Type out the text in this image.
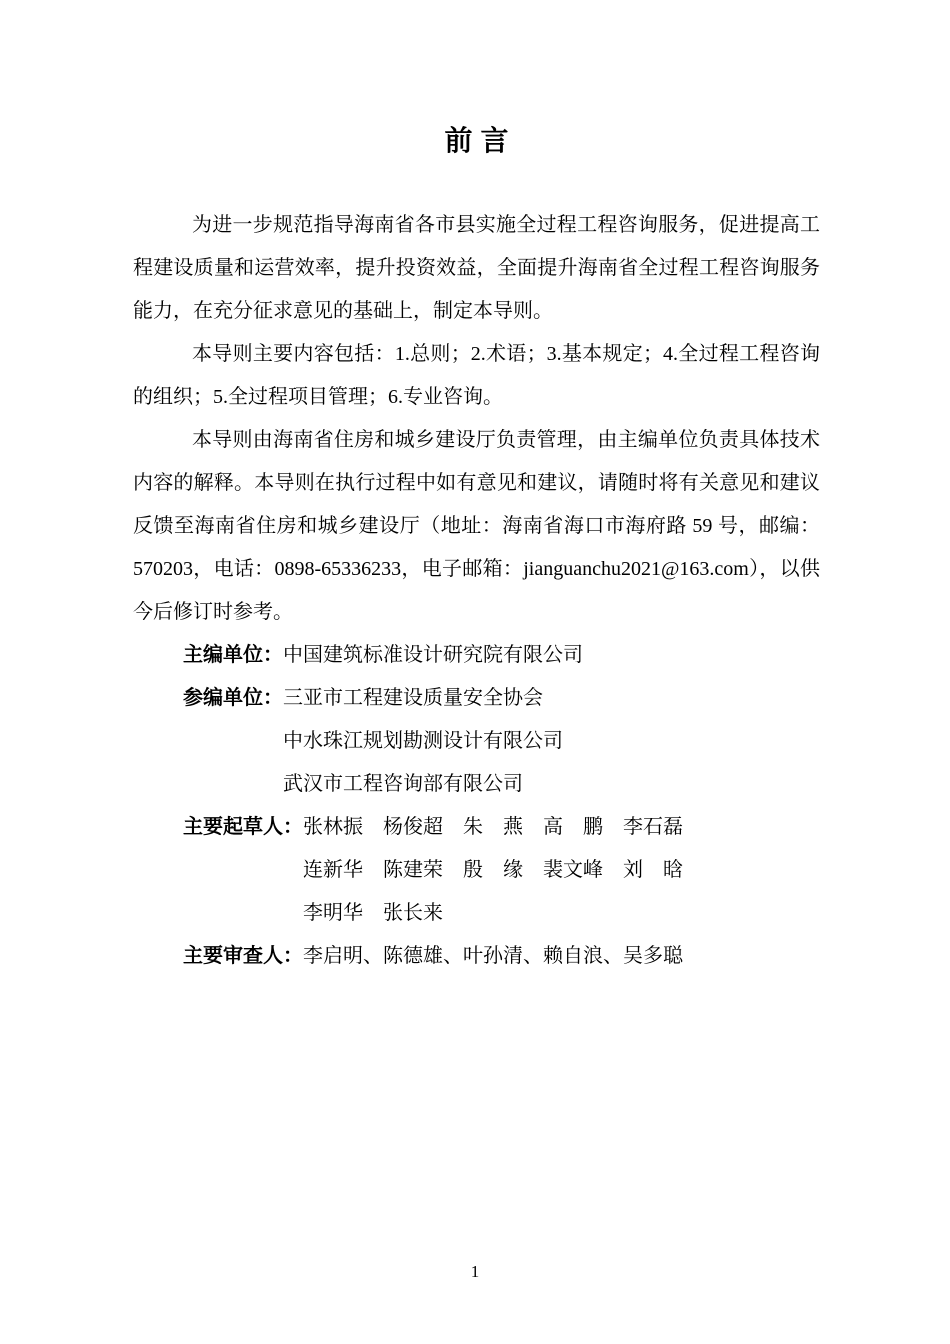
前言

为进一步规范指导海南省各市县实施全过程工程咨询服务，促进提高工程建设质量和运营效率，提升投资效益，全面提升海南省全过程工程咨询服务能力，在充分征求意见的基础上，制定本导则。

本导则主要内容包括：1.总则；2.术语；3.基本规定；4.全过程工程咨询的组织；5.全过程项目管理；6.专业咨询。

本导则由海南省住房和城乡建设厅负责管理，由主编单位负责具体技术内容的解释。本导则在执行过程中如有意见和建议，请随时将有关意见和建议反馈至海南省住房和城乡建设厅（地址：海南省海口市海府路 59 号，邮编：570203，电话：0898-65336233，电子邮箱：jianguanchu2021@163.com），以供今后修订时参考。

主编单位： 中国建筑标准设计研究院有限公司
参编单位： 三亚市工程建设质量安全协会
中水珠江规划勘测设计有限公司
武汉市工程咨询部有限公司
主要起草人： 张林振　杨俊超　朱　燕　高　鹏　李石磊
连新华　陈建荣　殷　缘　裴文峰　刘　晗
李明华　张长来
主要审查人： 李启明、陈德雄、叶孙清、赖自浪、吴多聪
1
